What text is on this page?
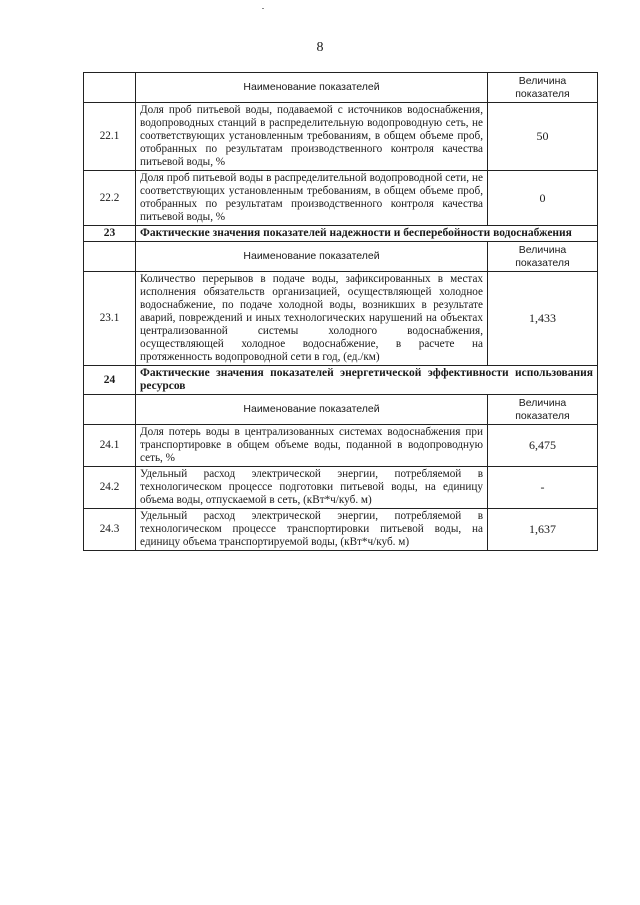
8
	Наименование показателей	Величина показателя
22.1	Доля проб питьевой воды, подаваемой с источников водоснабжения, водопроводных станций в распределительную водопроводную сеть, не соответствующих установленным требованиям, в общем объеме проб, отобранных по результатам производственного контроля качества питьевой воды, %	50
22.2	Доля проб питьевой воды в распределительной водопроводной сети, не соответствующих установленным требованиям, в общем объеме проб, отобранных по результатам производственного контроля качества питьевой воды, %	0
23	Фактические значения показателей надежности и бесперебойности водоснабжения	
	Наименование показателей	Величина показателя
23.1	Количество перерывов в подаче воды, зафиксированных в местах исполнения обязательств организацией, осуществляющей холодное водоснабжение, по подаче холодной воды, возникших в результате аварий, повреждений и иных технологических нарушений на объектах централизованной системы холодного водоснабжения, осуществляющей холодное водоснабжение, в расчете на протяженность водопроводной сети в год, (ед./км)	1,433
24	Фактические значения показателей энергетической эффективности использования ресурсов	
	Наименование показателей	Величина показателя
24.1	Доля потерь воды в централизованных системах водоснабжения при транспортировке в общем объеме воды, поданной в водопроводную сеть, %	6,475
24.2	Удельный расход электрической энергии, потребляемой в технологическом процессе подготовки питьевой воды, на единицу объема воды, отпускаемой в сеть, (кВт*ч/куб. м)	-
24.3	Удельный расход электрической энергии, потребляемой в технологическом процессе транспортировки питьевой воды, на единицу объема транспортируемой воды, (кВт*ч/куб. м)	1,637
